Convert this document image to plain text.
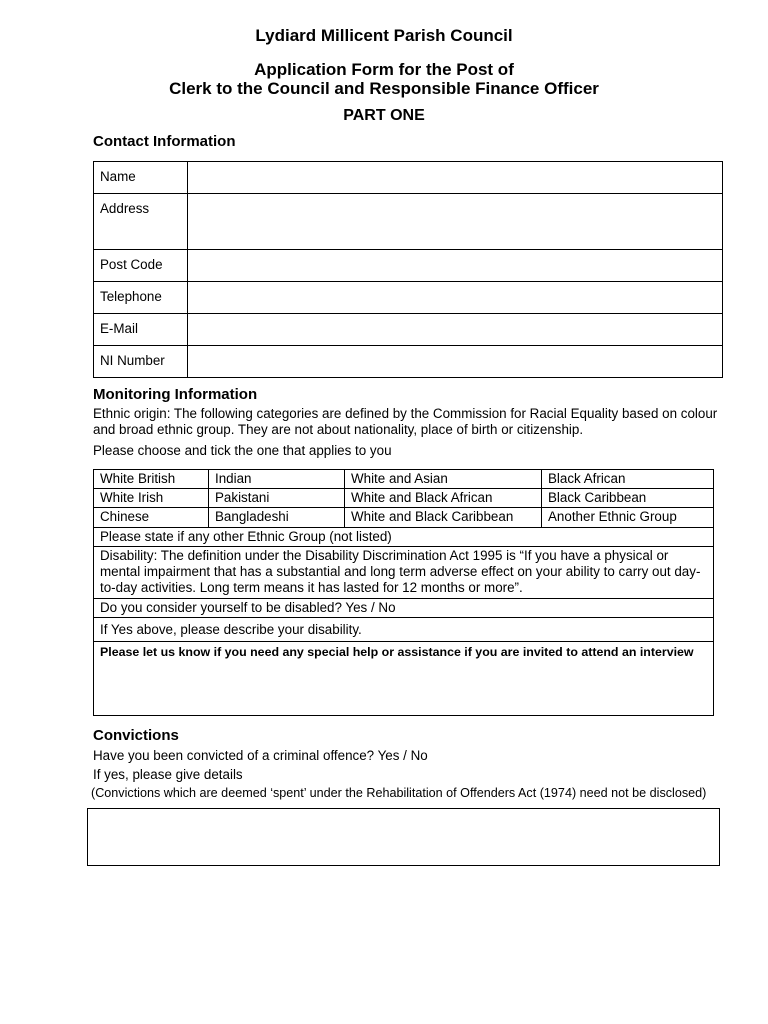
Lydiard Millicent Parish Council
Application Form for the Post of
Clerk to the Council and Responsible Finance Officer
PART ONE
Contact Information
Name	
Address	
Post Code	
Telephone	
E-Mail	
NI Number	
Monitoring Information
Ethnic origin: The following categories are defined by the Commission for Racial Equality based on colour and broad ethnic group. They are not about nationality, place of birth or citizenship.
Please choose and tick the one that applies to you
White British	Indian	White and Asian	Black African
White Irish	Pakistani	White and Black African	Black Caribbean
Chinese	Bangladeshi	White and Black Caribbean	Another Ethnic Group
Please state if any other Ethnic Group (not listed)			
Disability: The definition under the Disability Discrimination Act 1995 is “If you have a physical or mental impairment that has a substantial and long term adverse effect on your ability to carry out day-to-day activities. Long term means it has lasted for 12 months or more”.			
Do you consider yourself to be disabled? Yes / No			
If Yes above, please describe your disability.			
Please let us know if you need any special help or assistance if you are invited to attend an interview			
Convictions
Have you been convicted of a criminal offence? Yes / No
If yes, please give details
(Convictions which are deemed ‘spent’ under the Rehabilitation of Offenders Act (1974) need not be disclosed)
